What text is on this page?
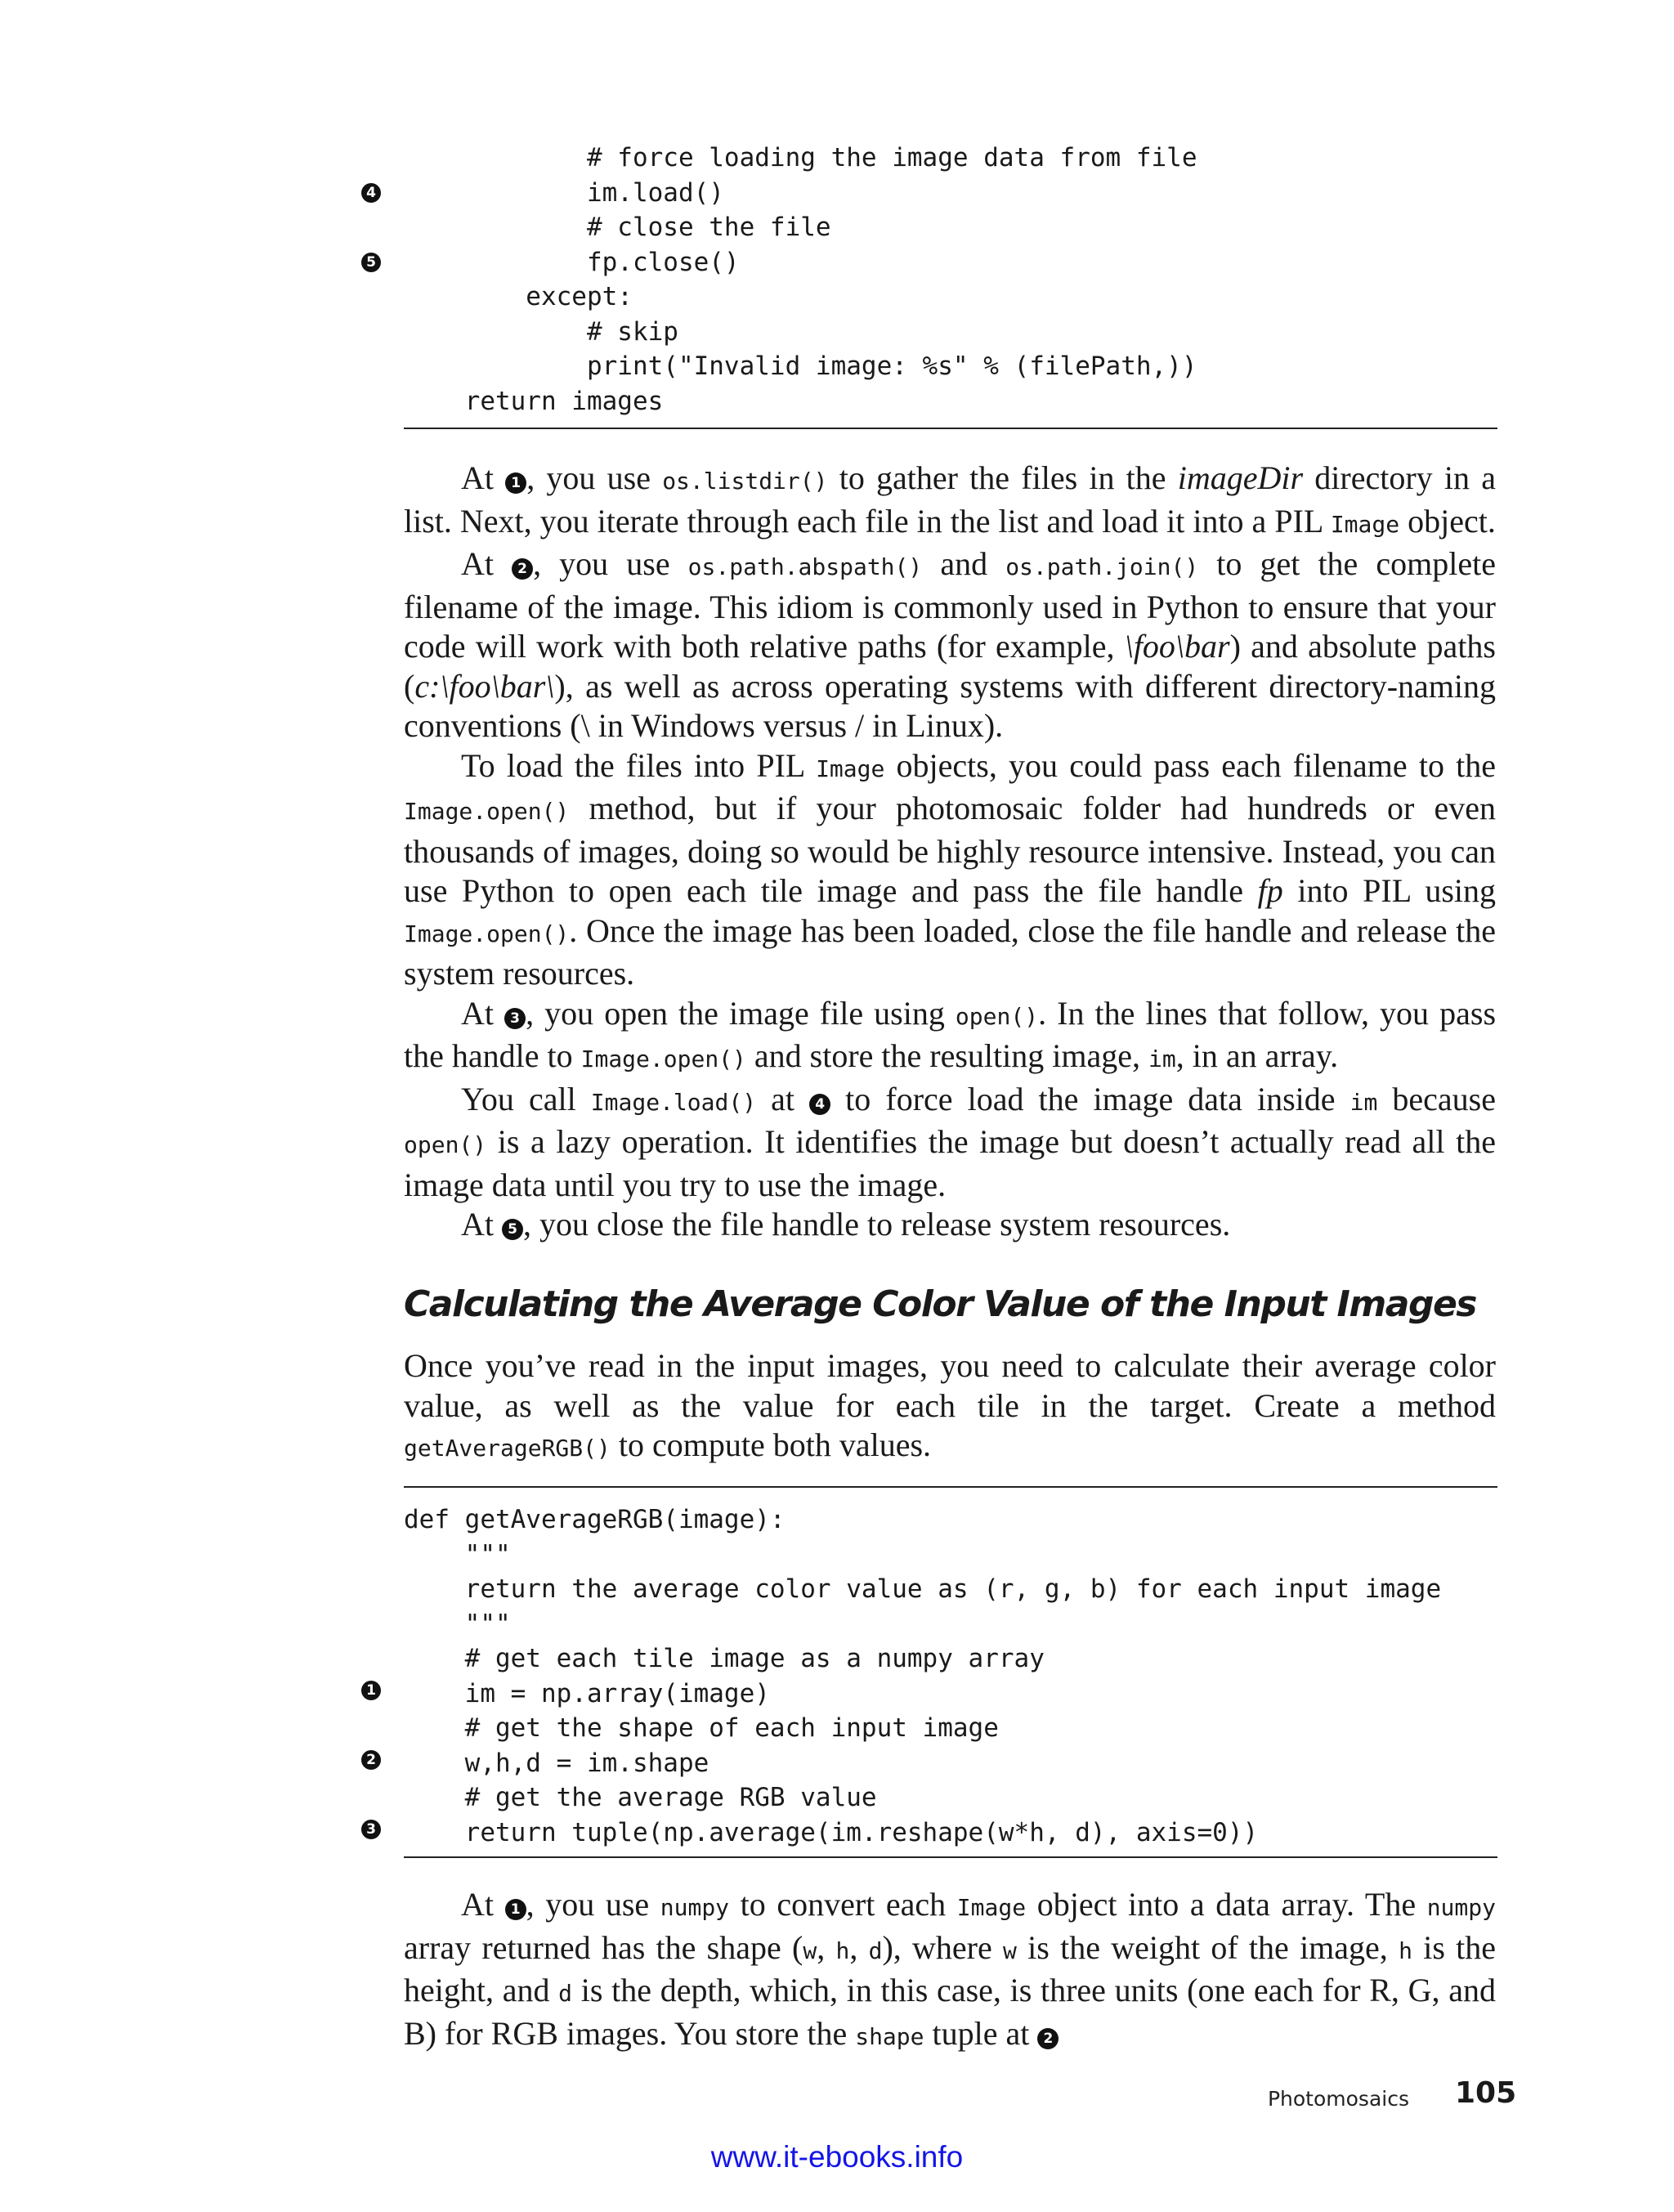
# force loading the image data from file
im.load()
# close the file
fp.close()
except:
# skip
print("Invalid image: %s" % (filePath,))
return images
4
5

At 1 , you use os.listdir() to gather the files in the imageDir directory in a list. Next, you iterate through each file in the list and load it into a PIL Image object.

At 2 , you use os.path.abspath() and os.path.join() to get the complete filename of the image. This idiom is commonly used in Python to ensure that your code will work with both relative paths (for example, \foo\bar) and absolute paths (c:\foo\bar\), as well as across operating systems with different directory-naming conventions (\ in Windows versus / in Linux).

To load the files into PIL Image objects, you could pass each filename to the Image.open() method, but if your photomosaic folder had hundreds or even thousands of images, doing so would be highly resource intensive. Instead, you can use Python to open each tile image and pass the file handle fp into PIL using Image.open(). Once the image has been loaded, close the file handle and release the system resources.

At 3 , you open the image file using open(). In the lines that follow, you pass the handle to Image.open() and store the resulting image, im, in an array.

You call Image.load() at 4 to force load the image data inside im because open() is a lazy operation. It identifies the image but doesn’t actually read all the image data until you try to use the image.

At 5 , you close the file handle to release system resources.

Calculating the Average Color Value of the Input Images

Once you’ve read in the input images, you need to calculate their average color value, as well as the value for each tile in the target. Create a method getAverageRGB() to compute both values.

def getAverageRGB(image):
"""
return the average color value as (r, g, b) for each input image
"""
# get each tile image as a numpy array
im = np.array(image)
# get the shape of each input image
w,h,d = im.shape
# get the average RGB value
return tuple(np.average(im.reshape(w*h, d), axis=0))
1
2
3

At 1 , you use numpy to convert each Image object into a data array. The numpy array returned has the shape (w, h, d), where w is the weight of the image, h is the height, and d is the depth, which, in this case, is three units (one each for R, G, and B) for RGB images. You store the shape tuple at 2

Photomosaics 105
www.it-ebooks.info
